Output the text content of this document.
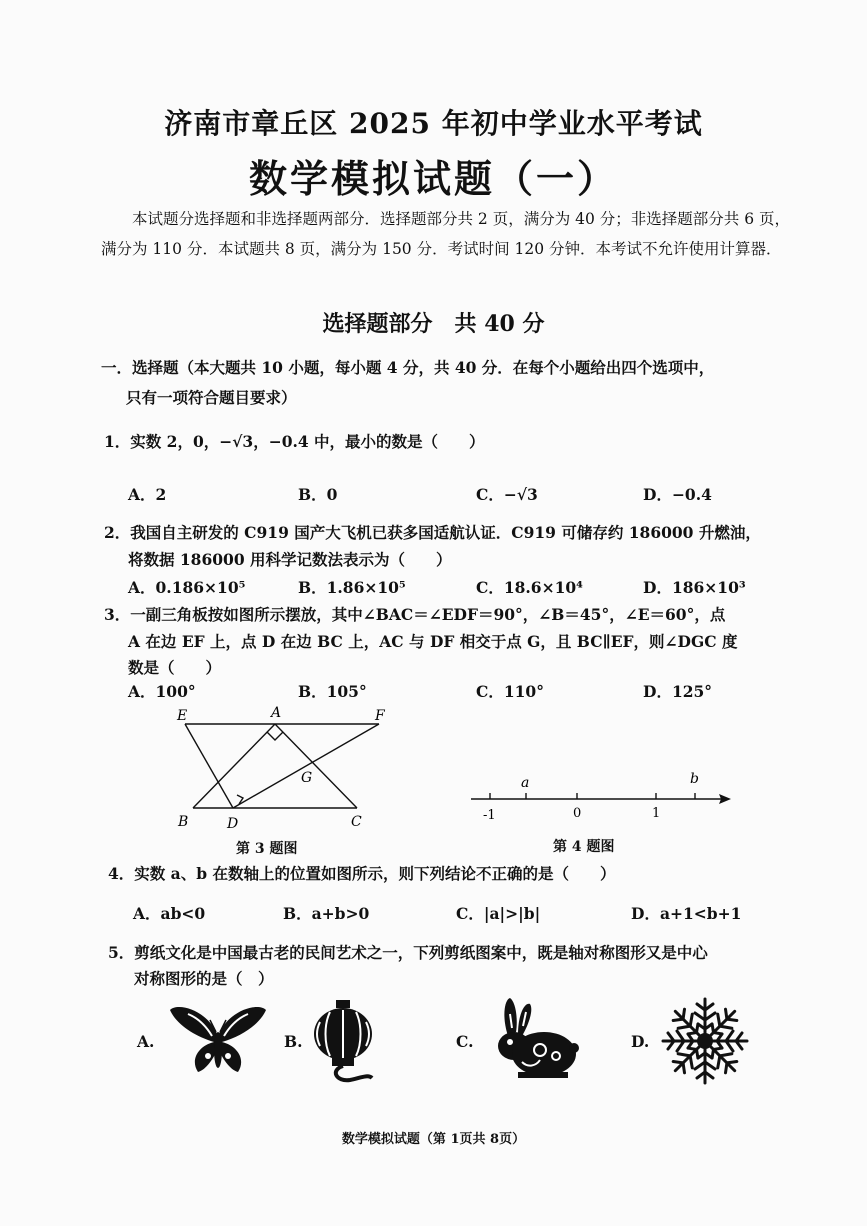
济南市章丘区 2025 年初中学业水平考试
数学模拟试题（一）
本试题分选择题和非选择题两部分．选择题部分共 2 页，满分为 40 分；非选择题部分共 6 页，满分为 110 分．本试题共 8 页，满分为 150 分．考试时间 120 分钟．本考试不允许使用计算器．
选择题部分　共 40 分
一．选择题（本大题共 10 小题，每小题 4 分，共 40 分．在每个小题给出四个选项中，
只有一项符合题目要求）
1．实数 2，0，−√3，−0.4 中，最小的数是（　　）
A．2	B．0	C．−√3	D．−0.4
2．我国自主研发的 C919 国产大飞机已获多国适航认证．C919 可储存约 186000 升燃油，
将数据 186000 用科学记数法表示为（　　）
A．0.186×10⁵	B．1.86×10⁵	C．18.6×10⁴	D．186×10³
3．一副三角板按如图所示摆放，其中∠BAC＝∠EDF＝90°，∠B＝45°，∠E＝60°，点
A 在边 EF 上，点 D 在边 BC 上，AC 与 DF 相交于点 G，且 BC∥EF，则∠DGC 度
数是（　　）
A．100°	B．105°	C．110°	D．125°
E	A	F
G
B	D	C
第 3 题图
a	b
-1	0	1
第 4 题图
4．实数 a、b 在数轴上的位置如图所示，则下列结论不正确的是（　　）
A．ab<0	B．a+b>0	C．|a|>|b|	D．a+1<b+1
5．剪纸文化是中国最古老的民间艺术之一，下列剪纸图案中，既是轴对称图形又是中心
对称图形的是（　）
A.	B.	C.	D.
数学模拟试题（第 1页共 8页）
